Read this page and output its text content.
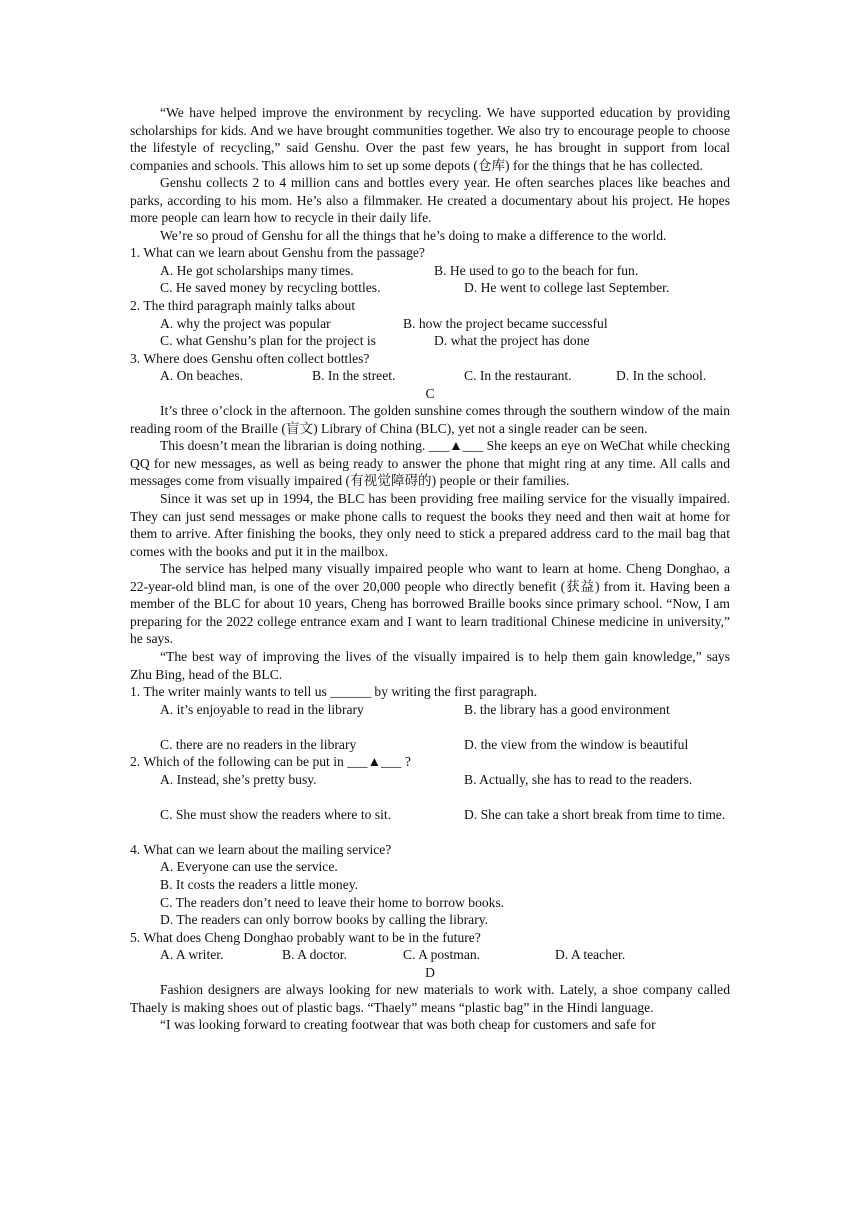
“We have helped improve the environment by recycling. We have supported education by providing scholarships for kids. And we have brought communities together. We also try to encourage people to choose the lifestyle of recycling,” said Genshu. Over the past few years, he has brought in support from local companies and schools. This allows him to set up some depots (仓库) for the things that he has collected.

Genshu collects 2 to 4 million cans and bottles every year. He often searches places like beaches and parks, according to his mom. He’s also a filmmaker. He created a documentary about his project. He hopes more people can learn how to recycle in their daily life.

We’re so proud of Genshu for all the things that he’s doing to make a difference to the world.

1. What can we learn about Genshu from the passage?

A. He got scholarships many times.	B. He used to go to the beach for fun.
C. He saved money by recycling bottles.	D. He went to college last September.

2. The third paragraph mainly talks about

A. why the project was popular	B. how the project became successful
C. what Genshu’s plan for the project is	D. what the project has done

3. Where does Genshu often collect bottles?

A. On beaches.	B. In the street.	C. In the restaurant.	D. In the school.

C

It’s three o’clock in the afternoon. The golden sunshine comes through the southern window of the main reading room of the Braille (盲文) Library of China (BLC), yet not a single reader can be seen.

This doesn’t mean the librarian is doing nothing. ___▲___ She keeps an eye on WeChat while checking QQ for new messages, as well as being ready to answer the phone that might ring at any time. All calls and messages come from visually impaired (有视觉障碍的) people or their families.

Since it was set up in 1994, the BLC has been providing free mailing service for the visually impaired. They can just send messages or make phone calls to request the books they need and then wait at home for them to arrive. After finishing the books, they only need to stick a prepared address card to the mail bag that comes with the books and put it in the mailbox.

The service has helped many visually impaired people who want to learn at home. Cheng Donghao, a 22-year-old blind man, is one of the over 20,000 people who directly benefit (获益) from it. Having been a member of the BLC for about 10 years, Cheng has borrowed Braille books since primary school. “Now, I am preparing for the 2022 college entrance exam and I want to learn traditional Chinese medicine in university,” he says.

“The best way of improving the lives of the visually impaired is to help them gain knowledge,” says Zhu Bing, head of the BLC.

1. The writer mainly wants to tell us ______ by writing the first paragraph.

A. it’s enjoyable to read in the library	B. the library has a good environment
C. there are no readers in the library	D. the view from the window is beautiful

2. Which of the following can be put in ___▲___ ?

A. Instead, she’s pretty busy.	B. Actually, she has to read to the readers.
C. She must show the readers where to sit.	D. She can take a short break from time to time.

4. What can we learn about the mailing service?

A. Everyone can use the service.

B. It costs the readers a little money.

C. The readers don’t need to leave their home to borrow books.

D. The readers can only borrow books by calling the library.

5. What does Cheng Donghao probably want to be in the future?

A. A writer.	B. A doctor.	C. A postman.	D. A teacher.

D

Fashion designers are always looking for new materials to work with. Lately, a shoe company called Thaely is making shoes out of plastic bags. “Thaely” means “plastic bag” in the Hindi language.

“I was looking forward to creating footwear that was both cheap for customers and safe for
